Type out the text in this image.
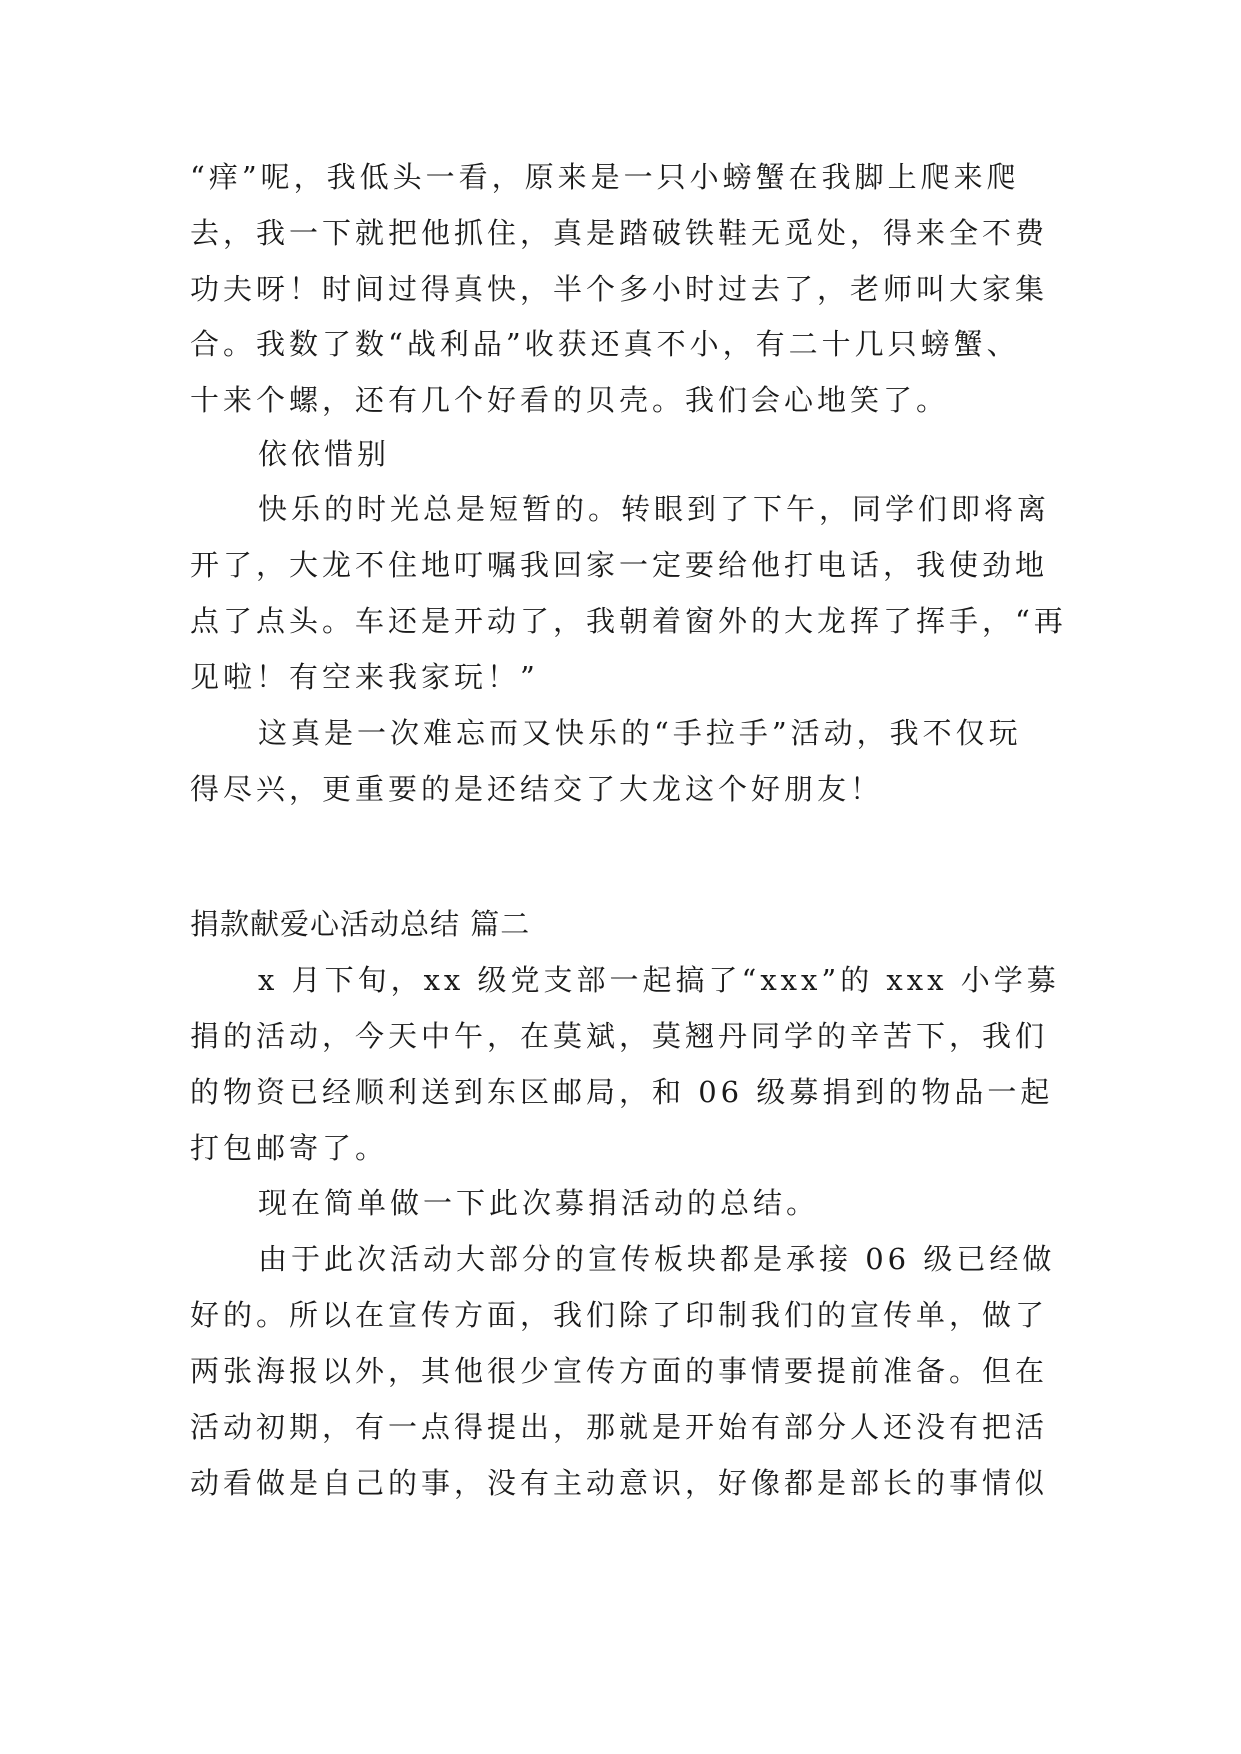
“痒”呢，我低头一看，原来是一只小螃蟹在我脚上爬来爬
去，我一下就把他抓住，真是踏破铁鞋无觅处，得来全不费
功夫呀！时间过得真快，半个多小时过去了，老师叫大家集
合。我数了数“战利品”收获还真不小，有二十几只螃蟹、
十来个螺，还有几个好看的贝壳。我们会心地笑了。
依依惜别
快乐的时光总是短暂的。转眼到了下午，同学们即将离
开了，大龙不住地叮嘱我回家一定要给他打电话，我使劲地
点了点头。车还是开动了，我朝着窗外的大龙挥了挥手，“再
见啦！有空来我家玩！”
这真是一次难忘而又快乐的“手拉手”活动，我不仅玩
得尽兴，更重要的是还结交了大龙这个好朋友！
捐款献爱心活动总结 篇二
x 月下旬，xx 级党支部一起搞了“xxx”的 xxx 小学募
捐的活动，今天中午，在莫斌，莫翘丹同学的辛苦下，我们
的物资已经顺利送到东区邮局，和 06 级募捐到的物品一起
打包邮寄了。
现在简单做一下此次募捐活动的总结。
由于此次活动大部分的宣传板块都是承接 06 级已经做
好的。所以在宣传方面，我们除了印制我们的宣传单，做了
两张海报以外，其他很少宣传方面的事情要提前准备。但在
活动初期，有一点得提出，那就是开始有部分人还没有把活
动看做是自己的事，没有主动意识，好像都是部长的事情似
